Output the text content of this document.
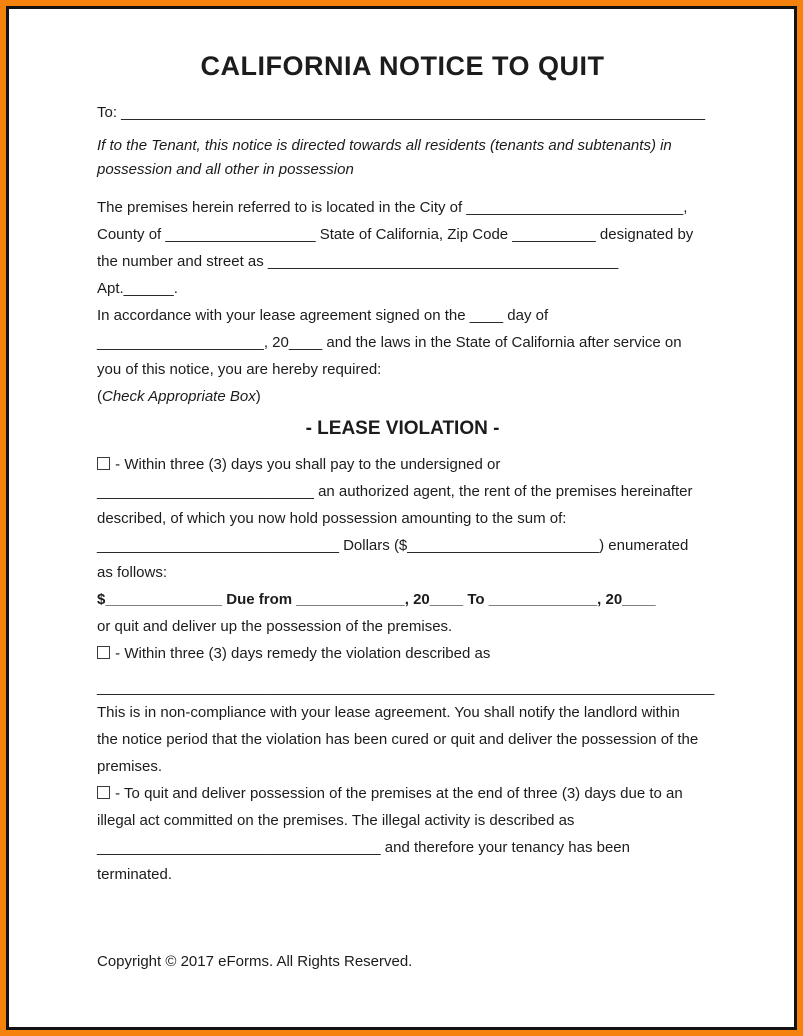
CALIFORNIA NOTICE TO QUIT
To: ______________________________________________________________________
If to the Tenant, this notice is directed towards all residents (tenants and subtenants) in
possession and all other in possession
The premises herein referred to is located in the City of __________________________,
County of __________________ State of California, Zip Code __________ designated by
the number and street as __________________________________________
Apt.______.
In accordance with your lease agreement signed on the ____ day of
____________________, 20____ and the laws in the State of California after service on
you of this notice, you are hereby required:
(Check Appropriate Box)
- LEASE VIOLATION -
- Within three (3) days you shall pay to the undersigned or
__________________________ an authorized agent, the rent of the premises hereinafter
described, of which you now hold possession amounting to the sum of:
_____________________________ Dollars ($_______________________) enumerated
as follows:
$______________ Due from _____________, 20____ To _____________, 20____
or quit and deliver up the possession of the premises.
- Within three (3) days remedy the violation described as
__________________________________________________________________________
This is in non-compliance with your lease agreement. You shall notify the landlord within
the notice period that the violation has been cured or quit and deliver the possession of the
premises.
- To quit and deliver possession of the premises at the end of three (3) days due to an
illegal act committed on the premises. The illegal activity is described as
__________________________________ and therefore your tenancy has been
terminated.
Copyright © 2017 eForms. All Rights Reserved.
